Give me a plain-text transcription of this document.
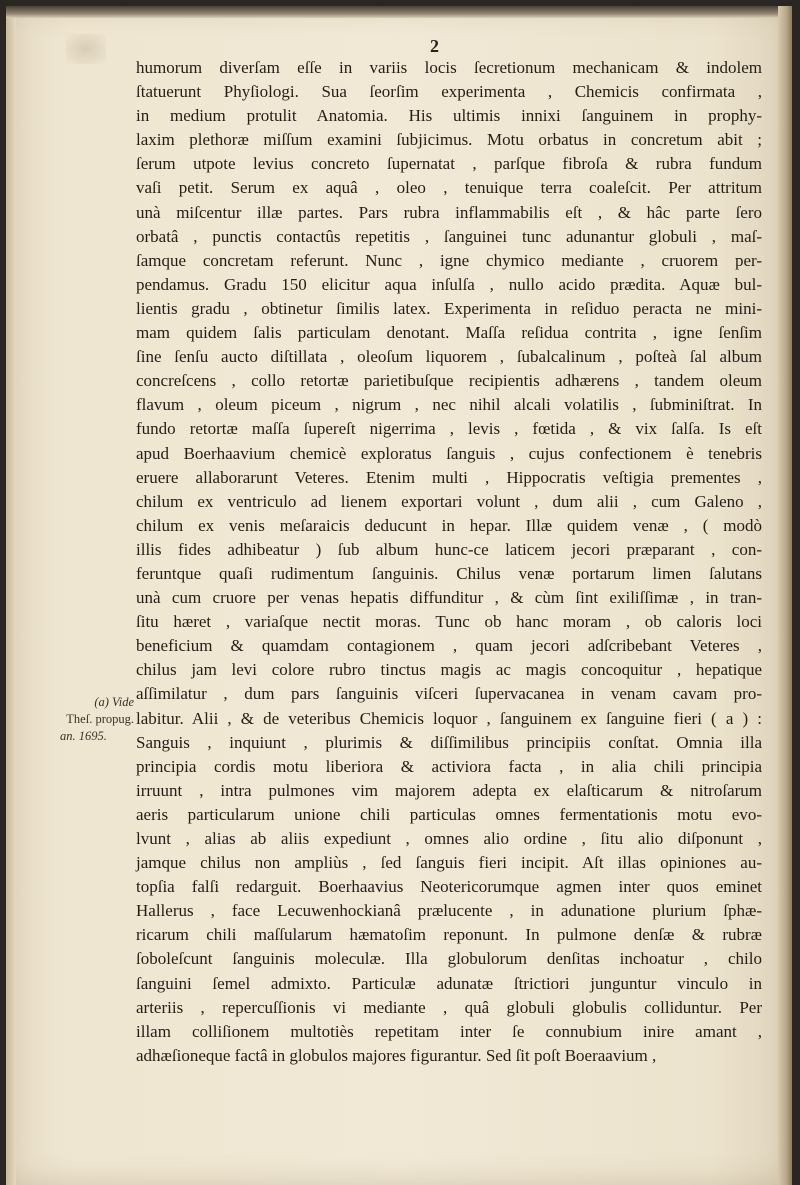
2
humorum diverſam eſſe in variis locis ſecretionum mechanicam & indolem
ſtatuerunt Phyſiologi. Sua ſeorſim experimenta , Chemicis confirmata ,
in medium protulit Anatomia. His ultimis innixi ſanguinem in prophy-
laxim plethoræ miſſum examini ſubjicimus. Motu orbatus in concretum abit ;
ſerum utpote levius concreto ſupernatat , parſque fibroſa & rubra fundum
vaſi petit. Serum ex aquâ , oleo , tenuique terra coaleſcit. Per attritum
unà miſcentur illæ partes. Pars rubra inflammabilis eſt , & hâc parte ſero
orbatâ , punctis contactûs repetitis , ſanguinei tunc adunantur globuli , maſ-
ſamque concretam referunt. Nunc , igne chymico mediante , cruorem per-
pendamus. Gradu 150 elicitur aqua inſulſa , nullo acido prædita. Aquæ bul-
lientis gradu , obtinetur ſimilis latex. Experimenta in reſiduo peracta ne mini-
mam quidem ſalis particulam denotant. Maſſa reſidua contrita , igne ſenſim
ſine ſenſu aucto diſtillata , oleoſum liquorem , ſubalcalinum , poſteà ſal album
concreſcens , collo retortæ parietibuſque recipientis adhærens , tandem oleum
flavum , oleum piceum , nigrum , nec nihil alcali volatilis , ſubminiſtrat. In
fundo retortæ maſſa ſupereſt nigerrima , levis , fœtida , & vix ſalſa. Is eſt
apud Boerhaavium chemicè exploratus ſanguis , cujus confectionem è tenebris
eruere allaborarunt Veteres. Etenim multi , Hippocratis veſtigia prementes ,
chilum ex ventriculo ad lienem exportari volunt , dum alii , cum Galeno ,
chilum ex venis meſaraicis deducunt in hepar. Illæ quidem venæ , ( modò
illis fides adhibeatur ) ſub album hunc-ce laticem jecori præparant , con-
feruntque quaſi rudimentum ſanguinis. Chilus venæ portarum limen ſalutans
unà cum cruore per venas hepatis diffunditur , & cùm ſint exiliſſimæ , in tran-
ſitu hæret , variaſque nectit moras. Tunc ob hanc moram , ob caloris loci
beneficium & quamdam contagionem , quam jecori adſcribebant Veteres ,
chilus jam levi colore rubro tinctus magis ac magis concoquitur , hepatique
aſſimilatur , dum pars ſanguinis viſceri ſupervacanea in venam cavam pro-
labitur. Alii , & de veteribus Chemicis loquor , ſanguinem ex ſanguine fieri ( a ) :
Sanguis , inquiunt , plurimis & diſſimilibus principiis conſtat. Omnia illa
principia cordis motu liberiora & activiora facta , in alia chili principia
irruunt , intra pulmones vim majorem adepta ex elaſticarum & nitroſarum
aeris particularum unione chili particulas omnes fermentationis motu evo-
lvunt , alias ab aliis expediunt , omnes alio ordine , ſitu alio diſponunt ,
jamque chilus non ampliùs , ſed ſanguis fieri incipit. Aſt illas opiniones au-
topſia falſi redarguit. Boerhaavius Neotericorumque agmen inter quos eminet
Hallerus , face Lecuwenhockianâ prælucente , in adunatione plurium ſphæ-
ricarum chili maſſularum hæmatoſim reponunt. In pulmone denſæ & rubræ
ſoboleſcunt ſanguinis moleculæ. Illa globulorum denſitas inchoatur , chilo
ſanguini ſemel admixto. Particulæ adunatæ ſtrictiori junguntur vinculo in
arteriis , repercuſſionis vi mediante , quâ globuli globulis colliduntur. Per
illam colliſionem multotiès repetitam inter ſe connubium inire amant ,
adhæſioneque factâ in globulos majores figurantur. Sed ſit poſt Boeraavium ,
(a) Vide
Theſ. propug.
an. 1695.
